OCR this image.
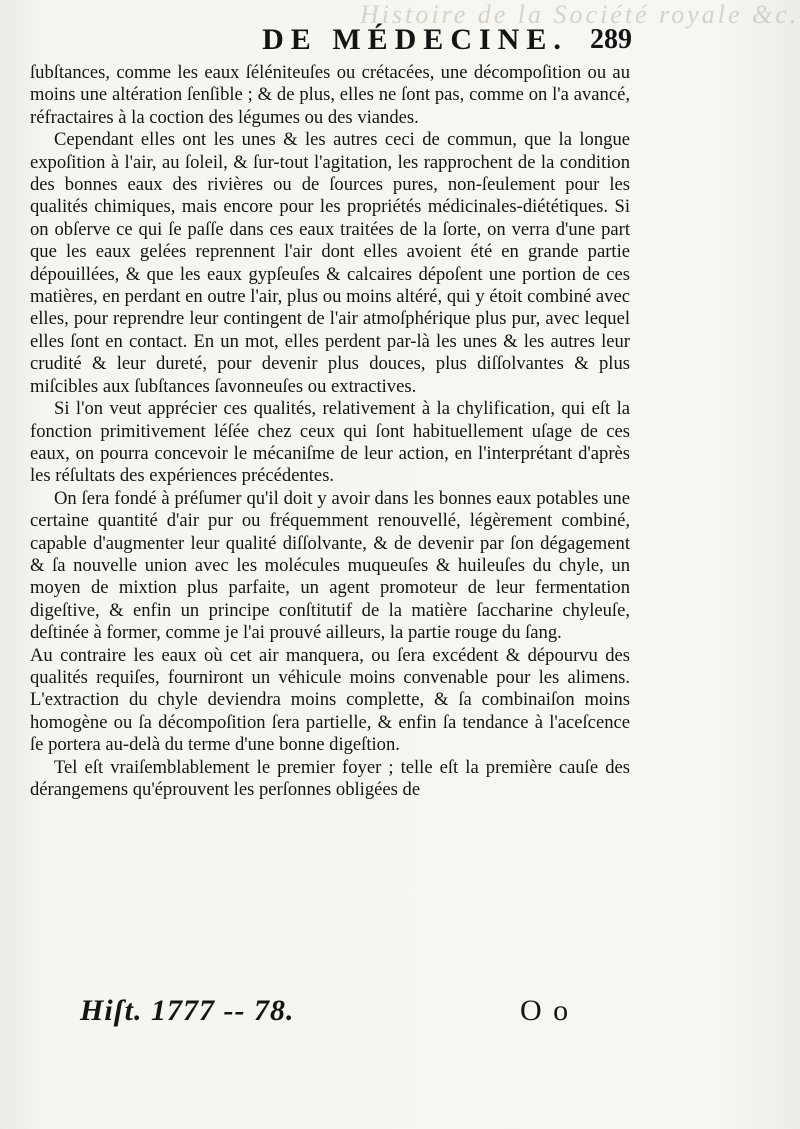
Histoire de la Société royale &c.
DE MÉDECINE. 289

ſubſtances, comme les eaux ſéléniteuſes ou crétacées, une décompoſition ou au moins une altération ſenſible ; & de plus, elles ne ſont pas, comme on l'a avancé, réfractaires à la coction des légumes ou des viandes.

Cependant elles ont les unes & les autres ceci de commun, que la longue expoſition à l'air, au ſoleil, & ſur-tout l'agitation, les rapprochent de la condition des bonnes eaux des rivières ou de ſources pures, non-ſeulement pour les qualités chimiques, mais encore pour les propriétés médicinales-diététiques. Si on obſerve ce qui ſe paſſe dans ces eaux traitées de la ſorte, on verra d'une part que les eaux gelées reprennent l'air dont elles avoient été en grande partie dépouillées, & que les eaux gypſeuſes & calcaires dépoſent une portion de ces matières, en perdant en outre l'air, plus ou moins altéré, qui y étoit combiné avec elles, pour reprendre leur contingent de l'air atmoſphérique plus pur, avec lequel elles ſont en contact. En un mot, elles perdent par-là les unes & les autres leur crudité & leur dureté, pour devenir plus douces, plus diſſolvantes & plus miſcibles aux ſubſtances ſavonneuſes ou extractives.

Si l'on veut apprécier ces qualités, relativement à la chylification, qui eſt la fonction primitivement léſée chez ceux qui ſont habituellement uſage de ces eaux, on pourra concevoir le mécaniſme de leur action, en l'interprétant d'après les réſultats des expériences précédentes.

On ſera fondé à préſumer qu'il doit y avoir dans les bonnes eaux potables une certaine quantité d'air pur ou fréquemment renouvellé, légèrement combiné, capable d'augmenter leur qualité diſſolvante, & de devenir par ſon dégagement & ſa nouvelle union avec les molécules muqueuſes & huileuſes du chyle, un moyen de mixtion plus parfaite, un agent promoteur de leur fermentation digeſtive, & enfin un principe conſtitutif de la matière ſaccharine chyleuſe, deſtinée à former, comme je l'ai prouvé ailleurs, la partie rouge du ſang.

Au contraire les eaux où cet air manquera, ou ſera excédent & dépourvu des qualités requiſes, fourniront un véhicule moins convenable pour les alimens. L'extraction du chyle deviendra moins complette, & ſa combinaiſon moins homogène ou ſa décompoſition ſera partielle, & enfin ſa tendance à l'aceſcence ſe portera au-delà du terme d'une bonne digeſtion.

Tel eſt vraiſemblablement le premier foyer ; telle eſt la première cauſe des dérangemens qu'éprouvent les perſonnes obligées de

Hiſt. 1777 -- 78.	O o
